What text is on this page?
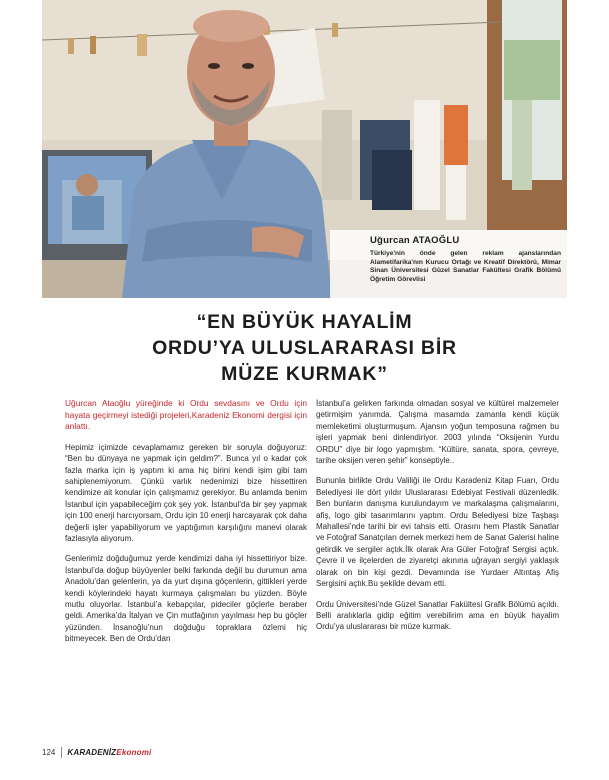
Uğurcan ATAOĞLU
Türkiye'nin önde gelen reklam ajanslarından Alametifarika'nın Kurucu Ortağı ve Kreatif Direktörü, Mimar Sinan Üniversitesi Güzel Sanatlar Fakültesi Grafik Bölümü Öğretim Görevlisi
“EN BÜYÜK HAYALİM
ORDU’YA ULUSLARARASI BİR
MÜZE KURMAK”

Uğurcan Ataoğlu yüreğinde ki Ordu sevdasını ve Ordu için hayata geçirmeyi istediği projeleri,Karadeniz Ekonomi dergisi için anlattı.

Hepimiz içimizde cevaplamamız gereken bir soruyla doğuyoruz: “Ben bu dünyaya ne yapmak için geldim?”. Bunca yıl o kadar çok fazla marka için iş yaptım ki ama hiç birini kendi işim gibi tam sahiplenemiyorum. Çünkü varlık nedenimizi bize hissettiren kendimize ait konular için çalışmamız gerekiyor. Bu anlamda benim İstanbul için yapabileceğim çok şey yok. İstanbul’da bir şey yapmak için 100 enerji harcıyorsam, Ordu için 10 enerji harcayarak çok daha değerli işler yapabiliyorum ve yaptığımın karşılığını manevi olarak fazlasıyla alıyorum.

Genlerimiz doğduğumuz yerde kendimizi daha iyi hissettiriyor bize. İstanbul’da doğup büyüyenler belki farkında değil bu durumun ama Anadolu’dan gelenlerin, ya da yurt dışına göçenlerin, gittikleri yerde kendi köylerindeki hayatı kurmaya çalışmaları bu yüzden. Böyle mutlu oluyorlar. İstanbul’a kebapçılar, pideciler göçlerle beraber geldi. Amerika’da İtalyan ve Çin mutfağının yayılması hep bu göçler yüzünden. İnsanoğlu’nun doğduğu topraklara özlemi hiç bitmeyecek. Ben de Ordu’dan

İstanbul’a gelirken farkında olmadan sosyal ve kültürel malzemeler getirmişim yanımda. Çalışma masamda zamanla kendi küçük memleketimi oluşturmuşum. Ajansın yoğun temposuna rağmen bu işleri yapmak beni dinlendiriyor. 2003 yılında “Oksijenin Yurdu ORDU” diye bir logo yapmıştım. “Kültüre, sanata, spora, çevreye, tarihe oksijen veren şehir” konseptiyle..

Bununla birlikte Ordu Valiliği ile Ordu Karadeniz Kitap Fuarı, Ordu Belediyesi ile dört yıldır Uluslararası Edebiyat Festivali düzenledik. Ben bunların danışma kurulundayım ve markalaşma çalışmalarını, afiş, logo gibi tasarımlarını yaptım. Ordu Belediyesi bize Taşbaşı Mahallesi’nde tarihi bir evi tahsis etti. Orasını hem Plastik Sanatlar ve Fotoğraf Sanatçıları dernek merkezi hem de Sanat Galerisi haline getirdik ve sergiler açtık.İlk olarak Ara Güler Fotoğraf Sergisi açtık. Çevre il ve ilçelerden de ziyaretçi akınına uğrayan sergiyi yaklaşık olarak on bin kişi gezdi. Devamında ise Yurdaer Altıntaş Afiş Sergisini açtık.Bu şekilde devam etti.

Ordu Üniversitesi’nde Güzel Sanatlar Fakültesi Grafik Bölümü açıldı. Belli aralıklarla gidip eğitim verebilirim ama en büyük hayalim Ordu’ya uluslararası bir müze kurmak.

124 KARADENİZEkonomi
